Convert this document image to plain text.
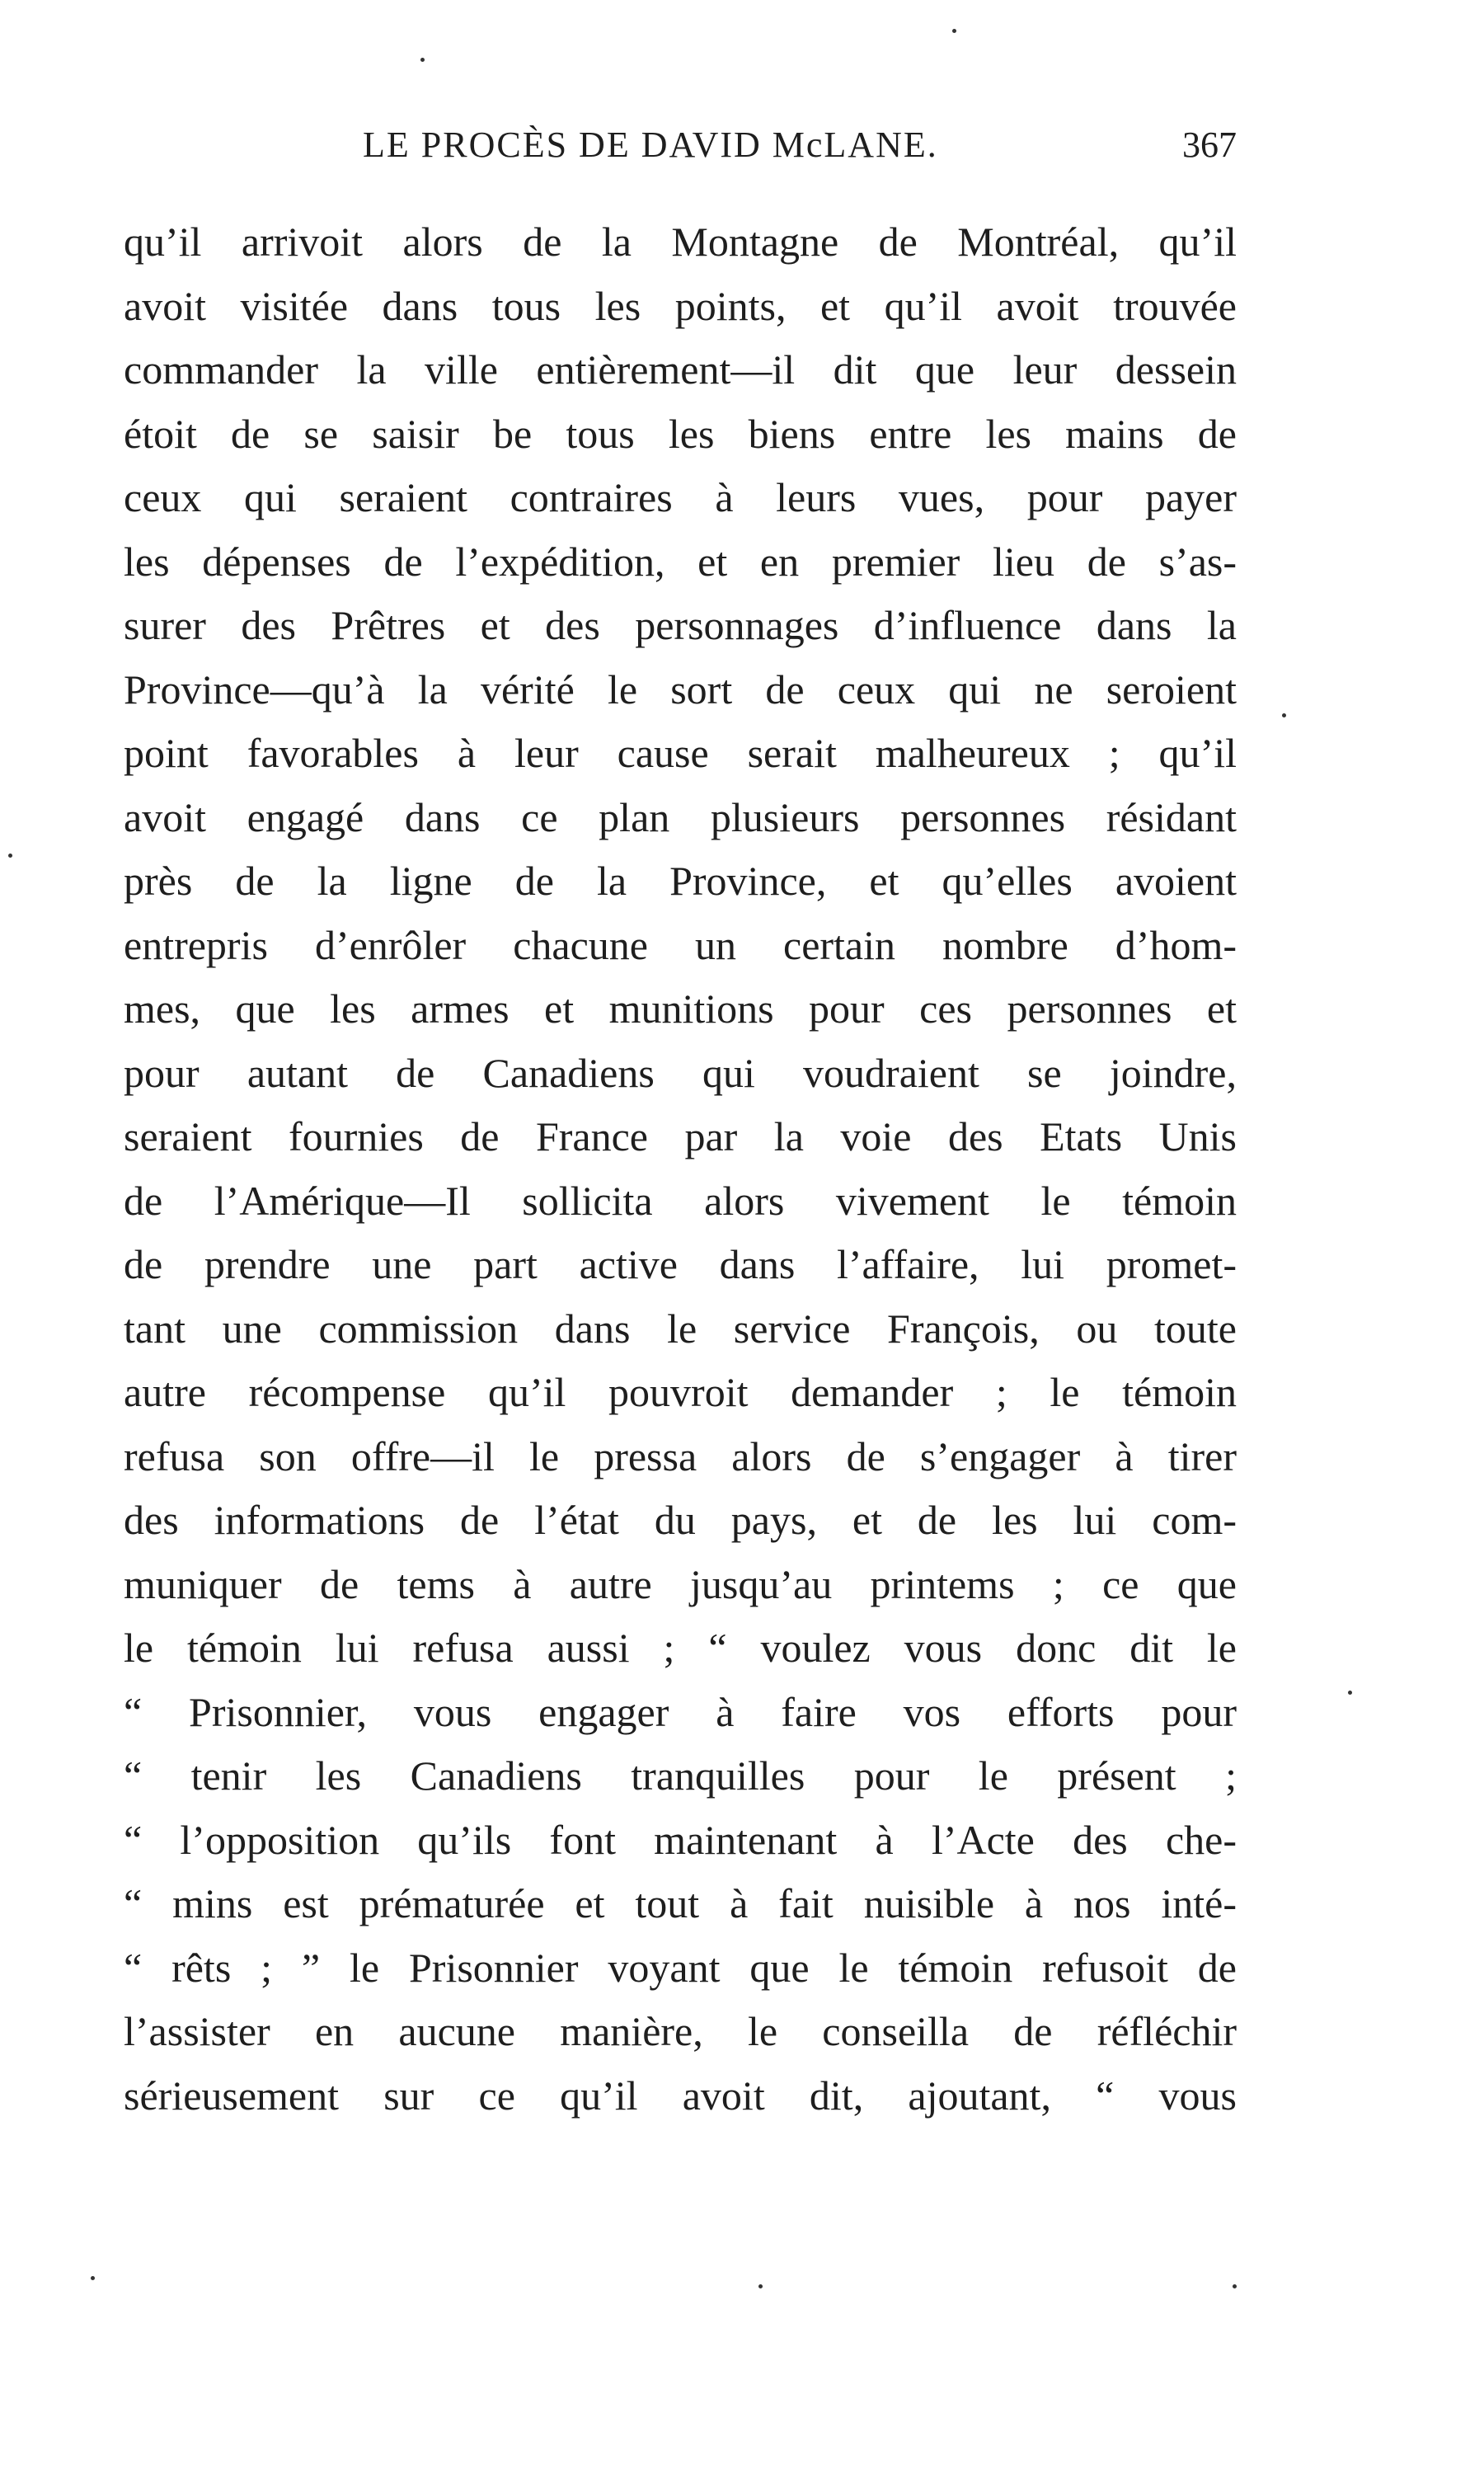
LE PROCÈS DE DAVID McLANE.	367
qu’il arrivoit alors de la Montagne de Montréal, qu’il
avoit visitée dans tous les points, et qu’il avoit trouvée
commander la ville entièrement—il dit que leur dessein
étoit de se saisir be tous les biens entre les mains de
ceux qui seraient contraires à leurs vues, pour payer
les dépenses de l’expédition, et en premier lieu de s’as-
surer des Prêtres et des personnages d’influence dans la
Province—qu’à la vérité le sort de ceux qui ne seroient
point favorables à leur cause serait malheureux ; qu’il
avoit engagé dans ce plan plusieurs personnes résidant
près de la ligne de la Province, et qu’elles avoient
entrepris d’enrôler chacune un certain nombre d’hom-
mes, que les armes et munitions pour ces personnes et
pour autant de Canadiens qui voudraient se joindre,
seraient fournies de France par la voie des Etats Unis
de l’Amérique—Il sollicita alors vivement le témoin
de prendre une part active dans l’affaire, lui promet-
tant une commission dans le service François, ou toute
autre récompense qu’il pouvroit demander ; le témoin
refusa son offre—il le pressa alors de s’engager à tirer
des informations de l’état du pays, et de les lui com-
muniquer de tems à autre jusqu’au printems ; ce que
le témoin lui refusa aussi ; “ voulez vous donc dit le
“ Prisonnier, vous engager à faire vos efforts pour
“ tenir les Canadiens tranquilles pour le présent ;
“ l’opposition qu’ils font maintenant à l’Acte des che-
“ mins est prématurée et tout à fait nuisible à nos inté-
“ rêts ; ” le Prisonnier voyant que le témoin refusoit de
l’assister en aucune manière, le conseilla de réfléchir
sérieusement sur ce qu’il avoit dit, ajoutant, “ vous
